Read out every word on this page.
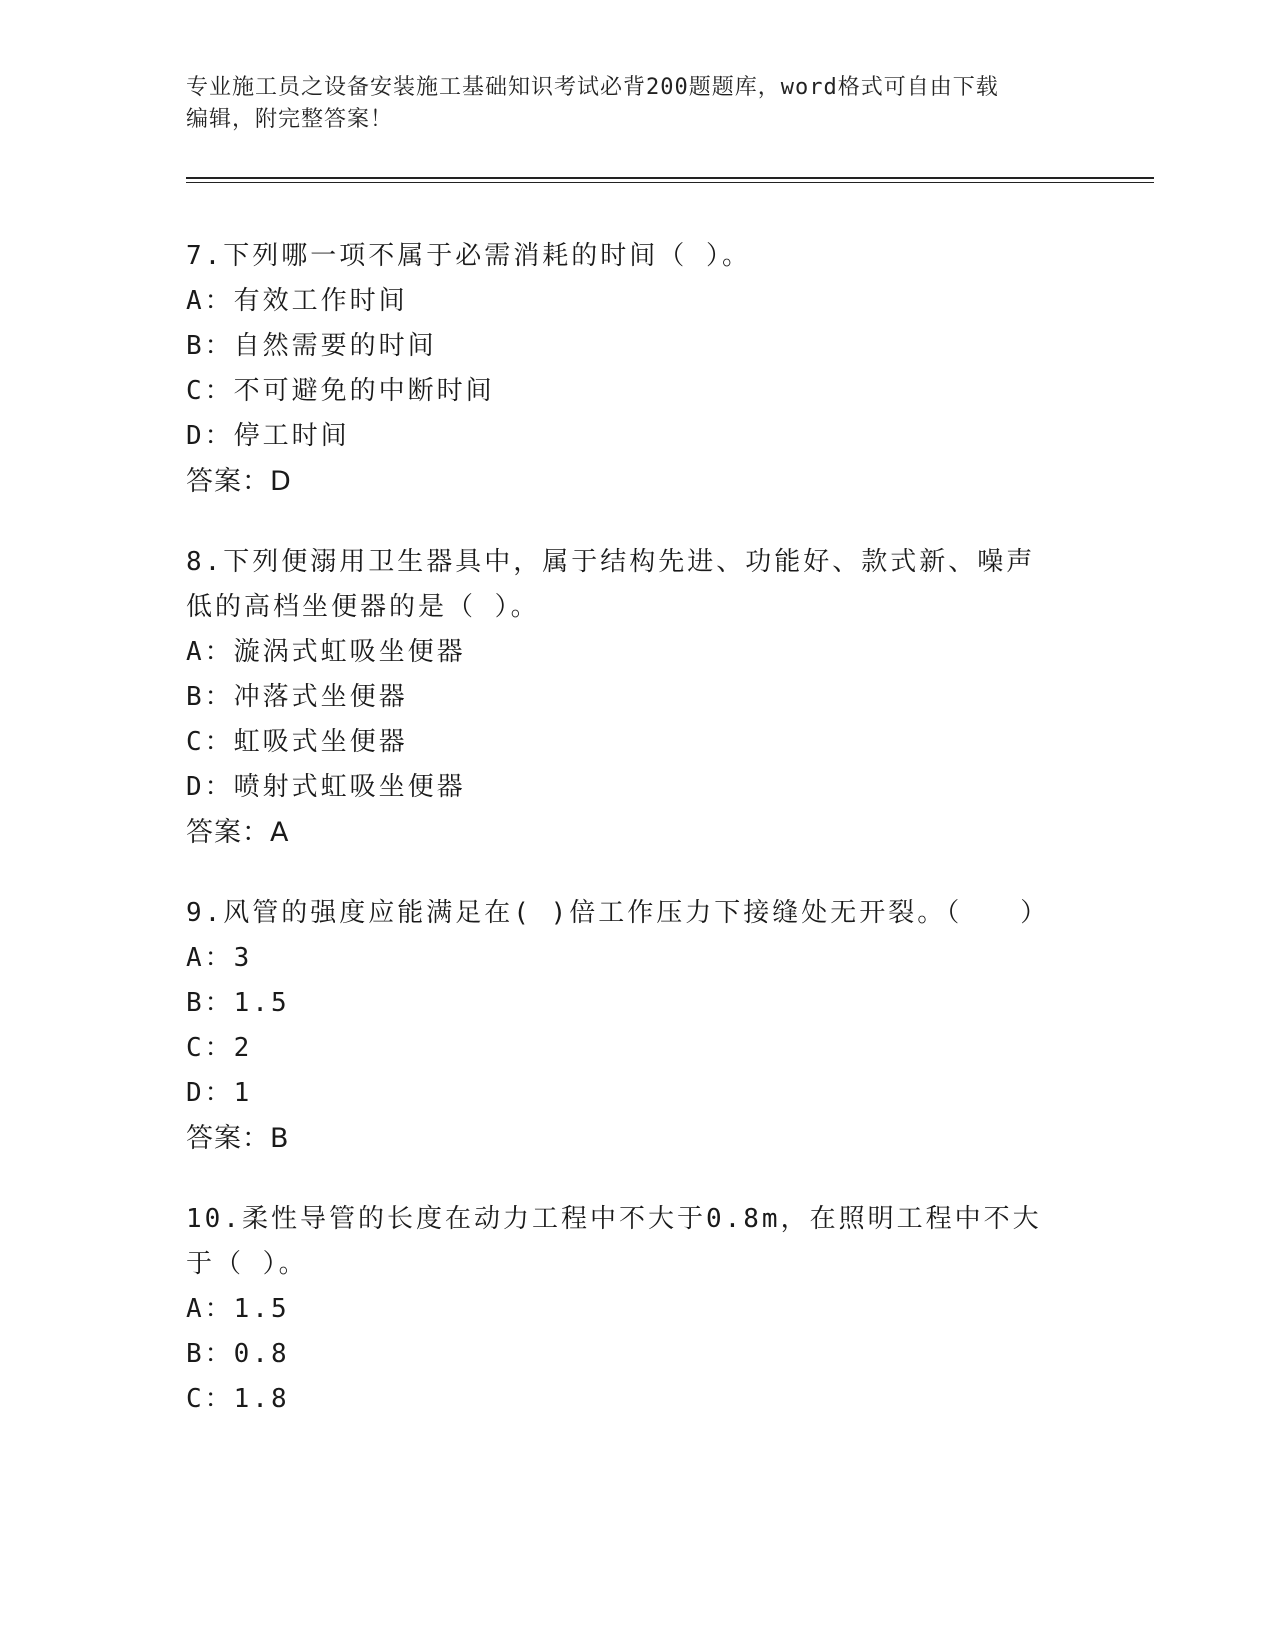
专业施工员之设备安装施工基础知识考试必背200题题库，word格式可自由下载
编辑，附完整答案！

7.下列哪一项不属于必需消耗的时间（ ）。

A：有效工作时间

B：自然需要的时间

C：不可避免的中断时间

D：停工时间

答案：D

8.下列便溺用卫生器具中，属于结构先进、功能好、款式新、噪声低的高档坐便器的是（ ）。

A：漩涡式虹吸坐便器

B：冲落式坐便器

C：虹吸式坐便器

D：喷射式虹吸坐便器

答案：A

9.风管的强度应能满足在( )倍工作压力下接缝处无开裂。（　　）

A：3

B：1.5

C：2

D：1

答案：B

10.柔性导管的长度在动力工程中不大于0.8m，在照明工程中不大于（ ）。

A：1.5

B：0.8

C：1.8
